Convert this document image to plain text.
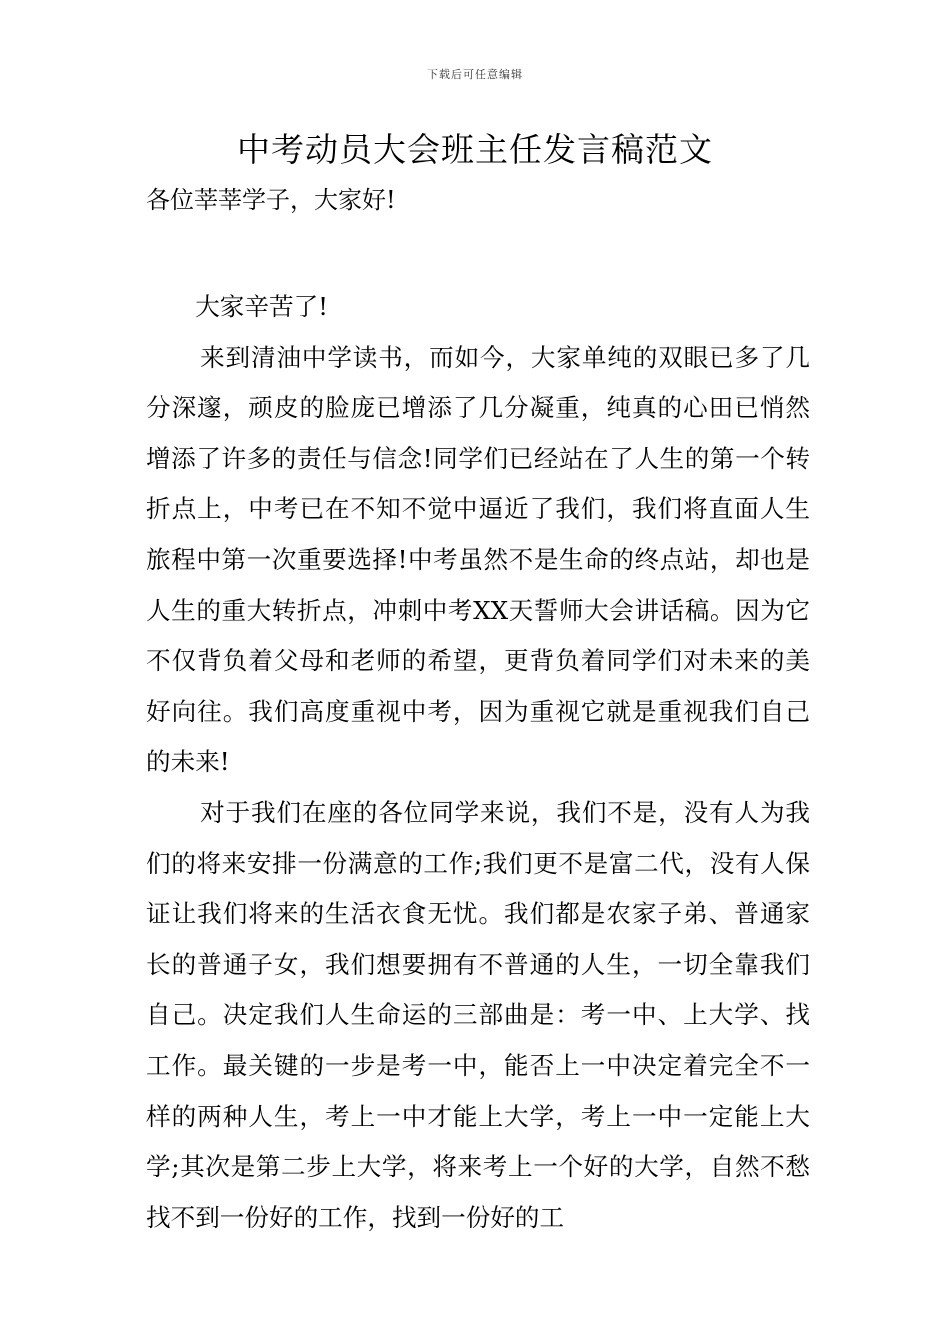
下载后可任意编辑
中考动员大会班主任发言稿范文

各位莘莘学子，大家好!

大家辛苦了!

来到清油中学读书，而如今，大家单纯的双眼已多了几分深邃，顽皮的脸庞已增添了几分凝重，纯真的心田已悄然增添了许多的责任与信念!同学们已经站在了人生的第一个转折点上，中考已在不知不觉中逼近了我们，我们将直面人生旅程中第一次重要选择!中考虽然不是生命的终点站，却也是人生的重大转折点，冲刺中考XX天誓师大会讲话稿。因为它不仅背负着父母和老师的希望，更背负着同学们对未来的美好向往。我们高度重视中考，因为重视它就是重视我们自己的未来!

对于我们在座的各位同学来说，我们不是，没有人为我们的将来安排一份满意的工作;我们更不是富二代，没有人保证让我们将来的生活衣食无忧。我们都是农家子弟、普通家长的普通子女，我们想要拥有不普通的人生，一切全靠我们自己。决定我们人生命运的三部曲是：考一中、上大学、找工作。最关键的一步是考一中，能否上一中决定着完全不一样的两种人生，考上一中才能上大学，考上一中一定能上大学;其次是第二步上大学，将来考上一个好的大学，自然不愁找不到一份好的工作，找到一份好的工
